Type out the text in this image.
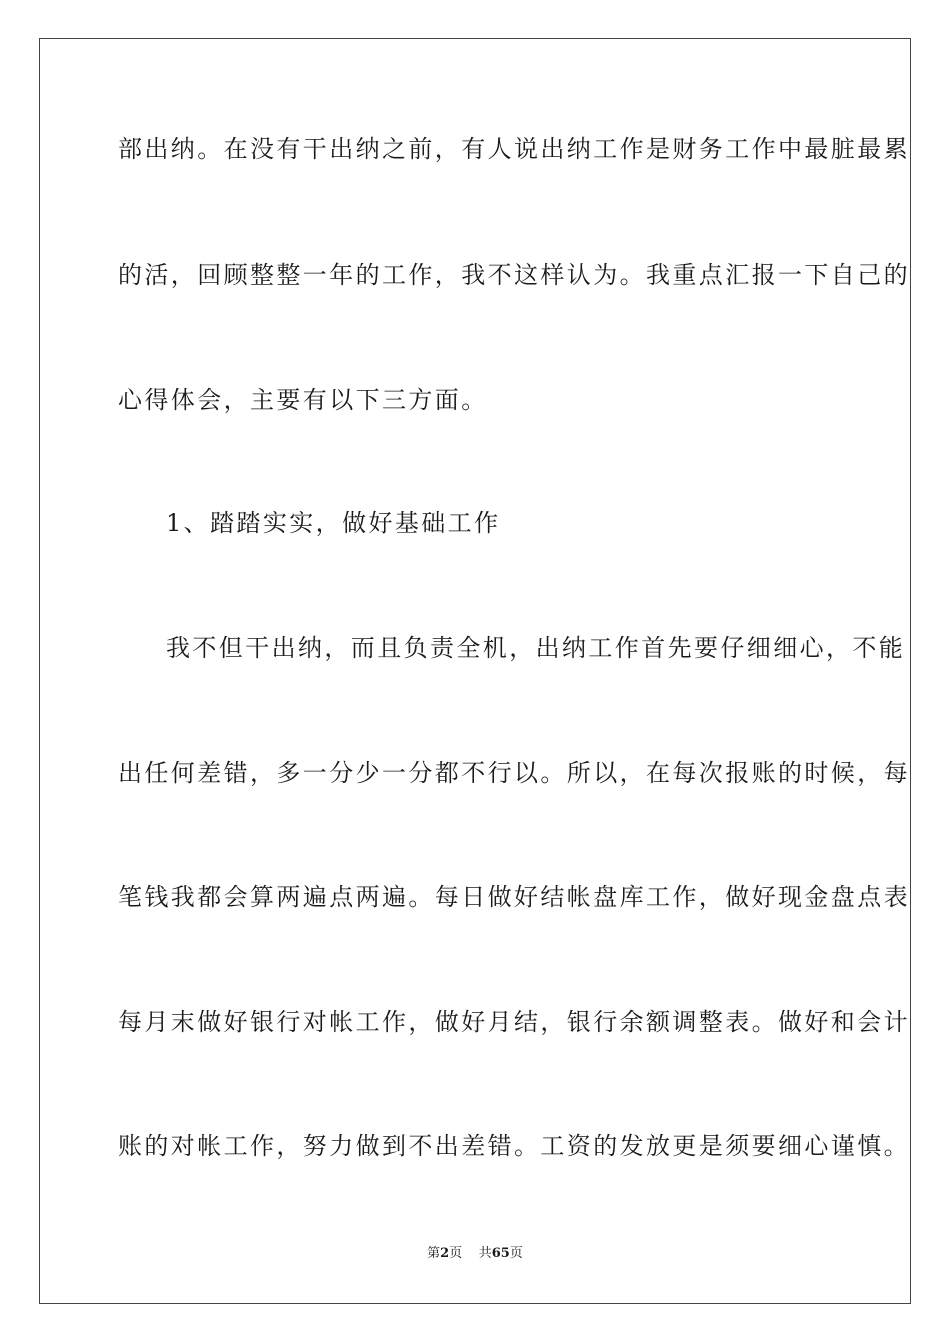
部出纳。在没有干出纳之前，有人说出纳工作是财务工作中最脏最累
的活，回顾整整一年的工作，我不这样认为。我重点汇报一下自己的
心得体会，主要有以下三方面。
1、踏踏实实，做好基础工作
我不但干出纳，而且负责全机，出纳工作首先要仔细细心，不能
出任何差错，多一分少一分都不行以。所以，在每次报账的时候，每
笔钱我都会算两遍点两遍。每日做好结帐盘库工作，做好现金盘点表
每月末做好银行对帐工作，做好月结，银行余额调整表。做好和会计
账的对帐工作，努力做到不出差错。工资的发放更是须要细心谨慎。
第2页 共65页
